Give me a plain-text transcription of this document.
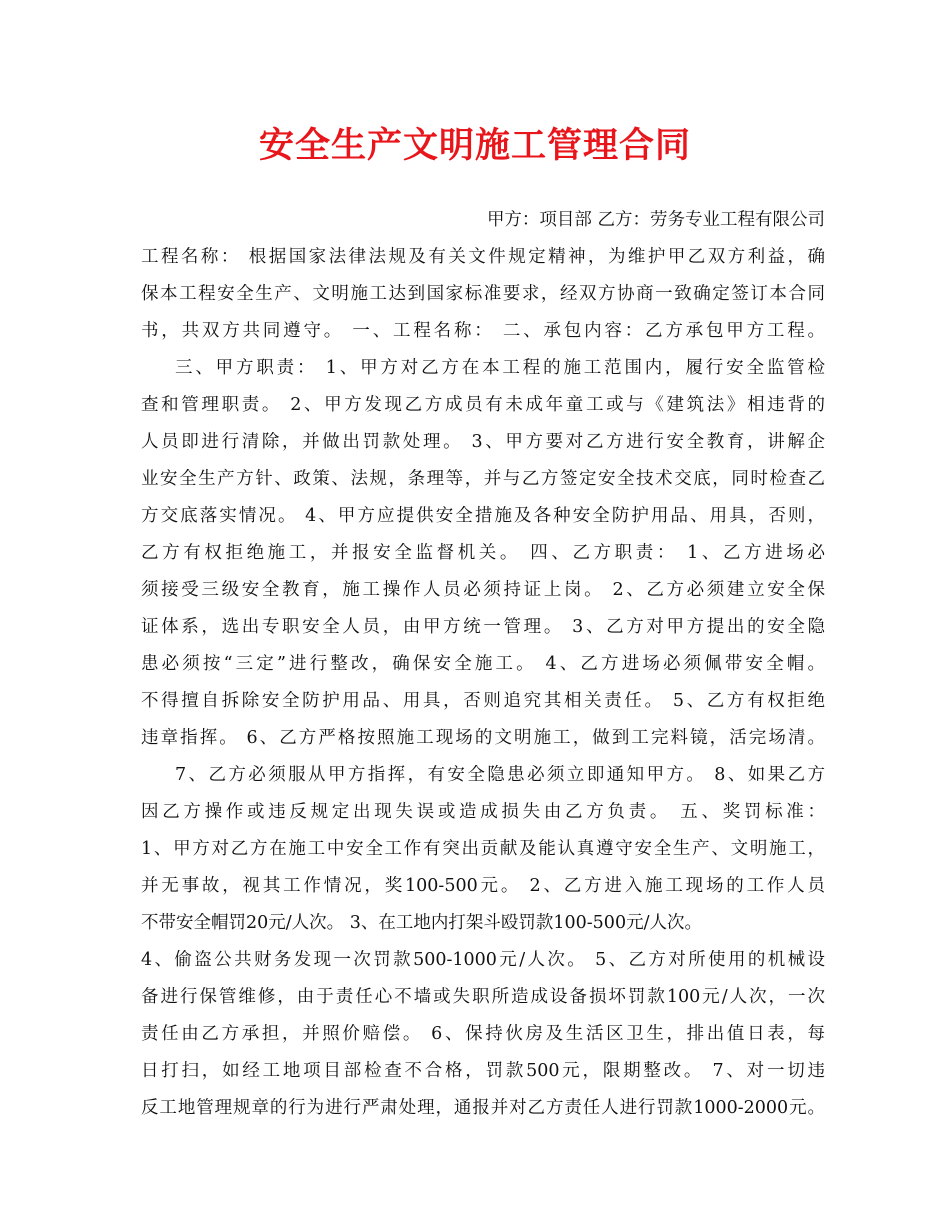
安全生产文明施工管理合同
甲方：项目部 乙方：劳务专业工程有限公司
工程名称： 根据国家法律法规及有关文件规定精神，为维护甲乙双方利益，确
保本工程安全生产、文明施工达到国家标准要求，经双方协商一致确定签订本合同
书，共双方共同遵守。 一、工程名称： 二、承包内容：乙方承包甲方工程。
三、甲方职责： 1、甲方对乙方在本工程的施工范围内，履行安全监管检
查和管理职责。 2、甲方发现乙方成员有未成年童工或与《建筑法》相违背的
人员即进行清除，并做出罚款处理。 3、甲方要对乙方进行安全教育，讲解企
业安全生产方针、政策、法规，条理等，并与乙方签定安全技术交底，同时检查乙
方交底落实情况。 4、甲方应提供安全措施及各种安全防护用品、用具，否则，
乙方有权拒绝施工，并报安全监督机关。 四、乙方职责： 1、乙方进场必
须接受三级安全教育，施工操作人员必须持证上岗。 2、乙方必须建立安全保
证体系，选出专职安全人员，由甲方统一管理。 3、乙方对甲方提出的安全隐
患必须按“三定”进行整改，确保安全施工。 4、乙方进场必须佩带安全帽。
不得擅自拆除安全防护用品、用具，否则追究其相关责任。 5、乙方有权拒绝
违章指挥。 6、乙方严格按照施工现场的文明施工，做到工完料镜，活完场清。
7、乙方必须服从甲方指挥，有安全隐患必须立即通知甲方。 8、如果乙方
因乙方操作或违反规定出现失误或造成损失由乙方负责。 五、奖罚标准：
1、甲方对乙方在施工中安全工作有突出贡献及能认真遵守安全生产、文明施工，
并无事故，视其工作情况，奖100-500元。 2、乙方进入施工现场的工作人员
不带安全帽罚20元/人次。 3、在工地内打架斗殴罚款100-500元/人次。
4、偷盗公共财务发现一次罚款500-1000元/人次。 5、乙方对所使用的机械设
备进行保管维修，由于责任心不墙或失职所造成设备损坏罚款100元/人次，一次
责任由乙方承担，并照价赔偿。 6、保持伙房及生活区卫生，排出值日表，每
日打扫，如经工地项目部检查不合格，罚款500元，限期整改。 7、对一切违
反工地管理规章的行为进行严肃处理，通报并对乙方责任人进行罚款1000-2000元。
